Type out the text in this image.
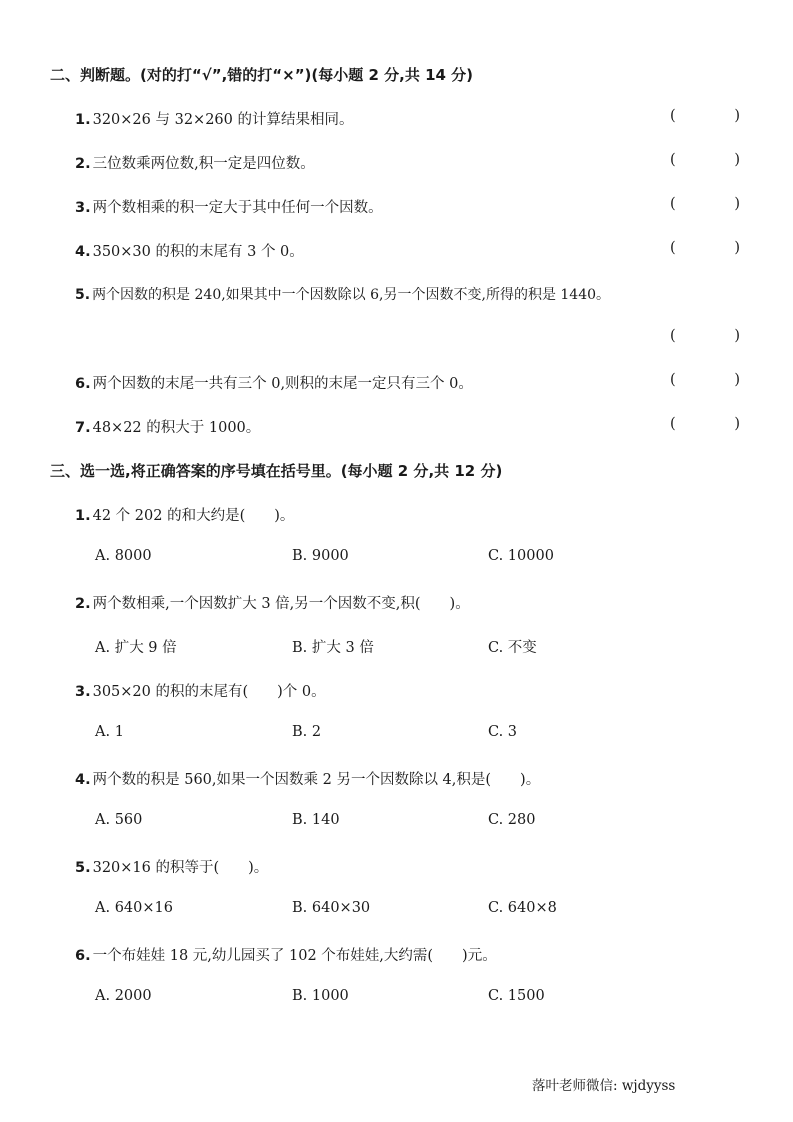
二、判断题。(对的打“√”,错的打“×”)(每小题 2 分,共 14 分)
1. 320×26 与 32×260 的计算结果相同。	(	)
2. 三位数乘两位数,积一定是四位数。	(	)
3. 两个数相乘的积一定大于其中任何一个因数。	(	)
4. 350×30 的积的末尾有 3 个 0。	(	)
5. 两个因数的积是 240,如果其中一个因数除以 6,另一个因数不变,所得的积是 1440。
(	)
6. 两个因数的末尾一共有三个 0,则积的末尾一定只有三个 0。	(	)
7. 48×22 的积大于 1000。	(	)
三、选一选,将正确答案的序号填在括号里。(每小题 2 分,共 12 分)
1. 42 个 202 的和大约是(　　)。
A. 8000	B. 9000	C. 10000
2. 两个数相乘,一个因数扩大 3 倍,另一个因数不变,积(　　)。
A. 扩大 9 倍	B. 扩大 3 倍	C. 不变
3. 305×20 的积的末尾有(　　)个 0。
A. 1	B. 2	C. 3
4. 两个数的积是 560,如果一个因数乘 2 另一个因数除以 4,积是(　　)。
A. 560	B. 140	C. 280
5. 320×16 的积等于(　　)。
A. 640×16	B. 640×30	C. 640×8
6. 一个布娃娃 18 元,幼儿园买了 102 个布娃娃,大约需(　　)元。
A. 2000	B. 1000	C. 1500
落叶老师微信: wjdyyss
